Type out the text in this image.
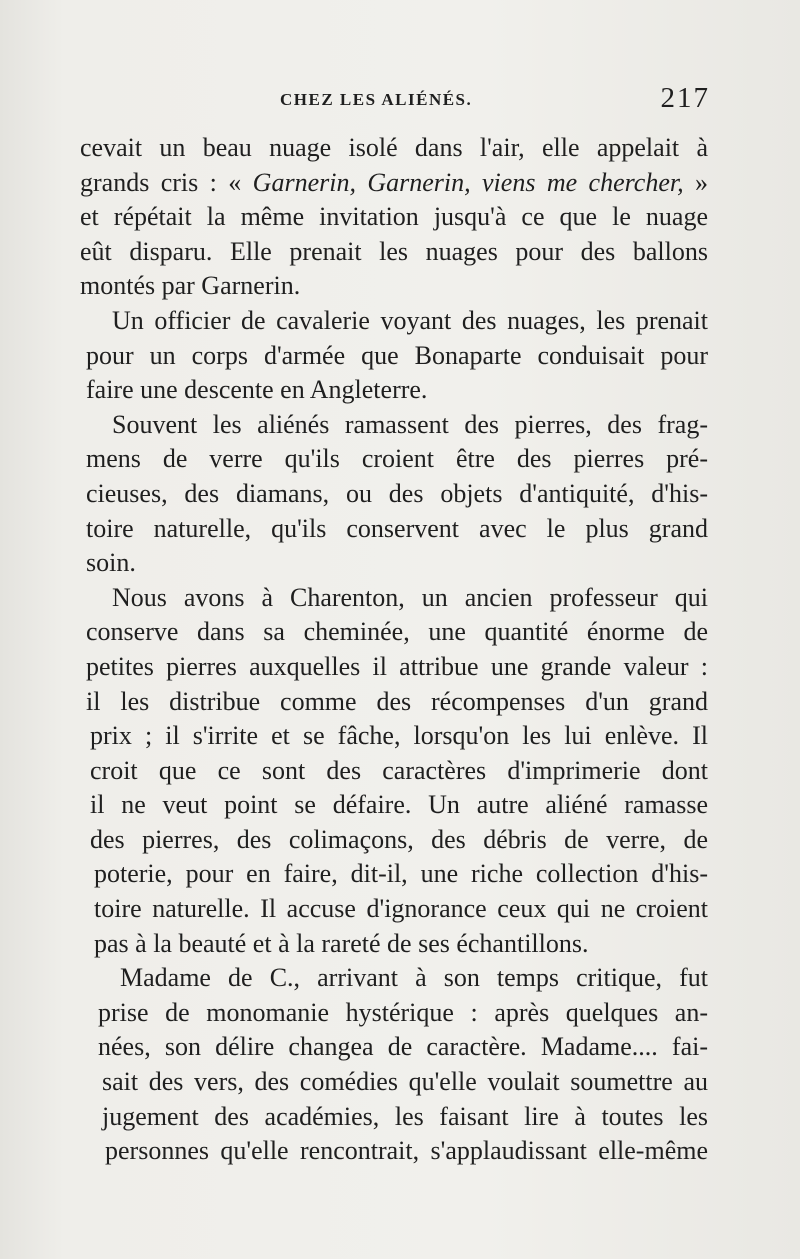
CHEZ LES ALIÉNÉS.	217
cevait un beau nuage isolé dans l'air, elle appelait à
grands cris : « Garnerin, Garnerin, viens me chercher, »
et répétait la même invitation jusqu'à ce que le nuage
eût disparu. Elle prenait les nuages pour des ballons
montés par Garnerin.
Un officier de cavalerie voyant des nuages, les prenait
pour un corps d'armée que Bonaparte conduisait pour
faire une descente en Angleterre.
Souvent les aliénés ramassent des pierres, des frag-
mens de verre qu'ils croient être des pierres pré-
cieuses, des diamans, ou des objets d'antiquité, d'his-
toire naturelle, qu'ils conservent avec le plus grand
soin.
Nous avons à Charenton, un ancien professeur qui
conserve dans sa cheminée, une quantité énorme de
petites pierres auxquelles il attribue une grande valeur :
il les distribue comme des récompenses d'un grand
prix ; il s'irrite et se fâche, lorsqu'on les lui enlève. Il
croit que ce sont des caractères d'imprimerie dont
il ne veut point se défaire. Un autre aliéné ramasse
des pierres, des colimaçons, des débris de verre, de
poterie, pour en faire, dit-il, une riche collection d'his-
toire naturelle. Il accuse d'ignorance ceux qui ne croient
pas à la beauté et à la rareté de ses échantillons.
Madame de C., arrivant à son temps critique, fut
prise de monomanie hystérique : après quelques an-
nées, son délire changea de caractère. Madame.... fai-
sait des vers, des comédies qu'elle voulait soumettre au
jugement des académies, les faisant lire à toutes les
personnes qu'elle rencontrait, s'applaudissant elle-même
